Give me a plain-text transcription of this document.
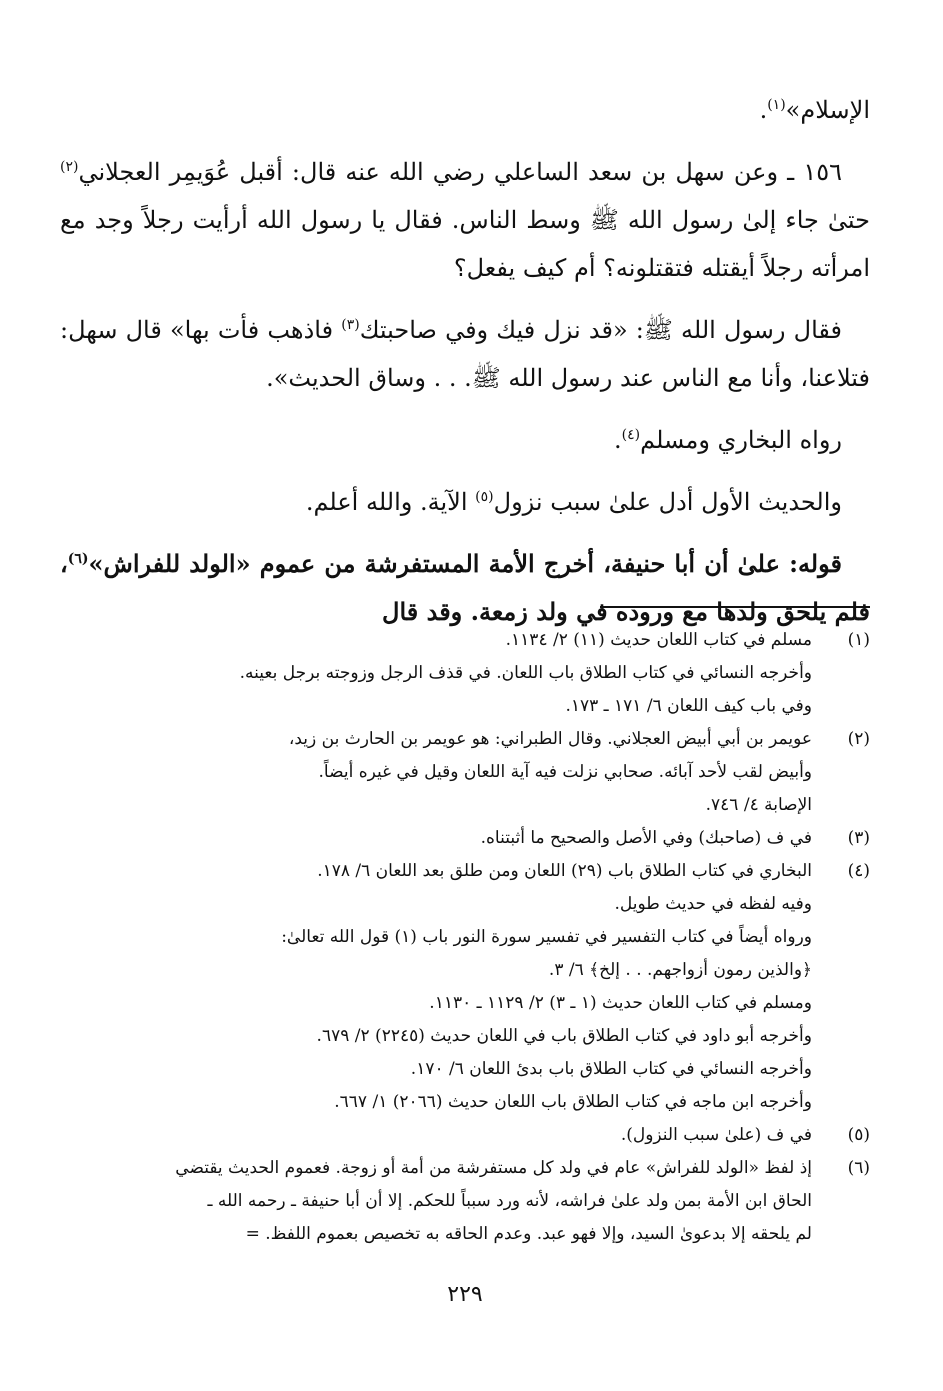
الإسلام»$^{(١)}$.

١٥٦ ـ وعن سهل بن سعد الساعلي رضي الله عنه قال: أقبل عُوَيمِر العجلاني$^{(٢)}$ حتىٰ جاء إلىٰ رسول الله ﷺ وسط الناس. فقال يا رسول الله أرأيت رجلاً وجد مع امرأته رجلاً أيقتله فتقتلونه؟ أم كيف يفعل؟

فقال رسول الله ﷺ: «قد نزل فيك وفي صاحبتك$^{(٣)}$ فاذهب فأت بها» قال سهل: فتلاعنا، وأنا مع الناس عند رسول الله ﷺ. . . وساق الحديث».

رواه البخاري ومسلم$^{(٤)}$.

والحديث الأول أدل علىٰ سبب نزول$^{(٥)}$ الآية. والله أعلم.

قوله: علىٰ أن أبا حنيفة، أخرج الأمة المستفرشة من عموم «الولد للفراش»$^{(٦)}$، فلم يلحق ولدها مع وروده في ولد زمعة. وقد قال

(١)
مسلم في كتاب اللعان حديث (١١) ٢/ ١١٣٤.
وأخرجه النسائي في كتاب الطلاق باب اللعان. في قذف الرجل وزوجته برجل بعينه.
وفي باب كيف اللعان ٦/ ١٧١ ـ ١٧٣.
(٢)
عويمر بن أبي أبيض العجلاني. وقال الطبراني: هو عويمر بن الحارث بن زيد،
وأبيض لقب لأحد آبائه. صحابي نزلت فيه آية اللعان وقيل في غيره أيضاً.
الإصابة ٤/ ٧٤٦.
(٣)
في ف (صاحبك) وفي الأصل والصحيح ما أثبتناه.
(٤)
البخاري في كتاب الطلاق باب (٢٩) اللعان ومن طلق بعد اللعان ٦/ ١٧٨.
وفيه لفظه في حديث طويل.
ورواه أيضاً في كتاب التفسير في تفسير سورة النور باب (١) قول الله تعالىٰ:
﴿والذين رمون أزواجهم. . . إلخ﴾ ٦/ ٣.
ومسلم في كتاب اللعان حديث (١ ـ ٣) ٢/ ١١٢٩ ـ ١١٣٠.
وأخرجه أبو داود في كتاب الطلاق باب في اللعان حديث (٢٢٤٥) ٢/ ٦٧٩.
وأخرجه النسائي في كتاب الطلاق باب بدئ اللعان ٦/ ١٧٠.
وأخرجه ابن ماجه في كتاب الطلاق باب اللعان حديث (٢٠٦٦) ١/ ٦٦٧.
(٥)
في ف (علىٰ سبب النزول).
(٦)
إذ لفظ «الولد للفراش» عام في ولد كل مستفرشة من أمة أو زوجة. فعموم الحديث يقتضي
الحاق ابن الأمة بمن ولد علىٰ فراشه، لأنه ورد سبباً للحكم. إلا أن أبا حنيفة ـ رحمه الله ـ
لم يلحقه إلا بدعوىٰ السيد، وإلا فهو عبد. وعدم الحاقه به تخصيص بعموم اللفظ. =
٢٢٩
